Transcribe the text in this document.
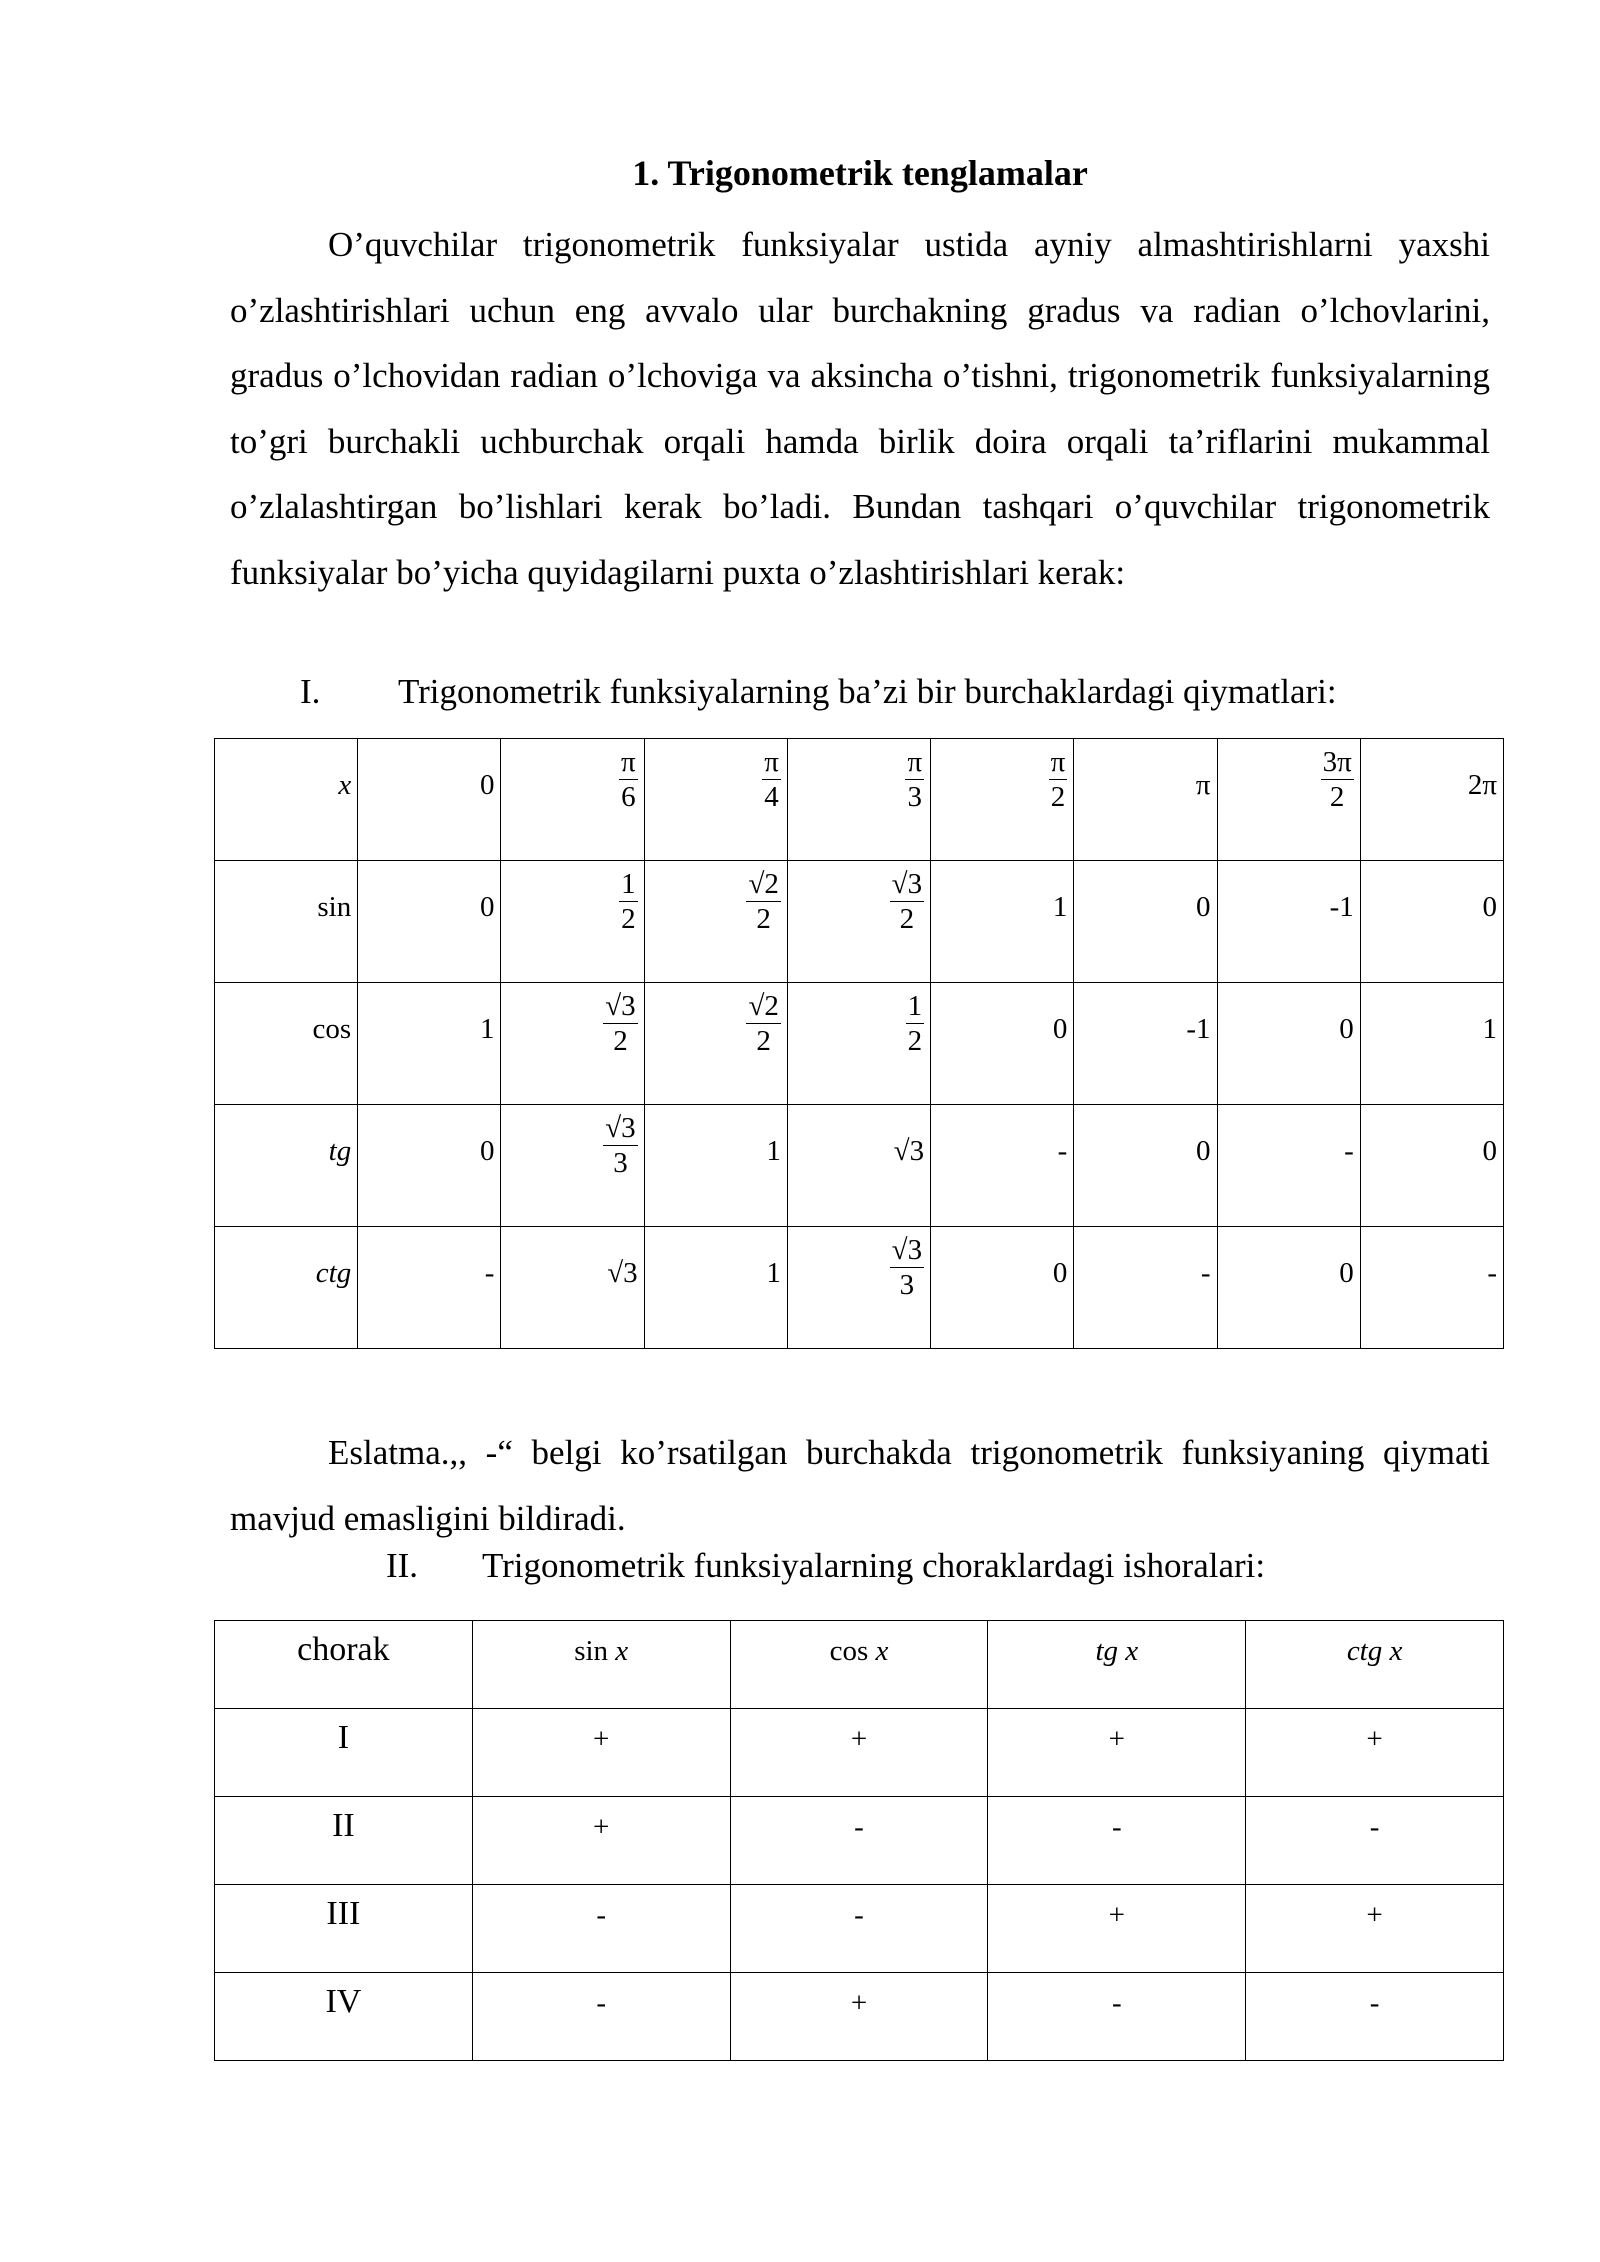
1. Trigonometrik tenglamalar

O’quvchilar trigonometrik funksiyalar ustida ayniy almashtirishlarni yaxshi o’zlashtirishlari uchun eng avvalo ular burchakning gradus va radian o’lchovlarini, gradus o’lchovidan radian o’lchoviga va aksincha o’tishni, trigonometrik funksiyalarning to’gri burchakli uchburchak orqali hamda birlik doira orqali ta’riflarini mukammal o’zlalashtirgan bo’lishlari kerak bo’ladi. Bundan tashqari o’quvchilar trigonometrik funksiyalar bo’yicha quyidagilarni puxta o’zlashtirishlari kerak:

I. Trigonometrik funksiyalarning ba’zi bir burchaklardagi qiymatlari:
x	0	$\frac{\pi}{6}$	$\frac{\pi}{4}$	$\frac{\pi}{3}$	$\frac{\pi}{2}$	π	$\frac{3\pi}{2}$	2π

sin	0	$\frac{1}{2}$	$\frac{√2}{2}$	$\frac{√3}{2}$	1	0	-1	0

cos	1	$\frac{√3}{2}$	$\frac{√2}{2}$	$\frac{1}{2}$	0	-1	0	1

tg	0	$\frac{√3}{3}$	1	√3	-	0	-	0

ctg	-	√3	1	$\frac{√3}{3}$	0	-	0	-

Eslatma.,, -“ belgi ko’rsatilgan burchakda trigonometrik funksiyaning qiymati mavjud emasligini bildiradi.

II. Trigonometrik funksiyalarning choraklardagi ishoralari:
chorak	sin x	cos x	tg x	ctg x

I	+	+	+	+

II	+	-	-	-

III	-	-	+	+

IV	-	+	-	-
